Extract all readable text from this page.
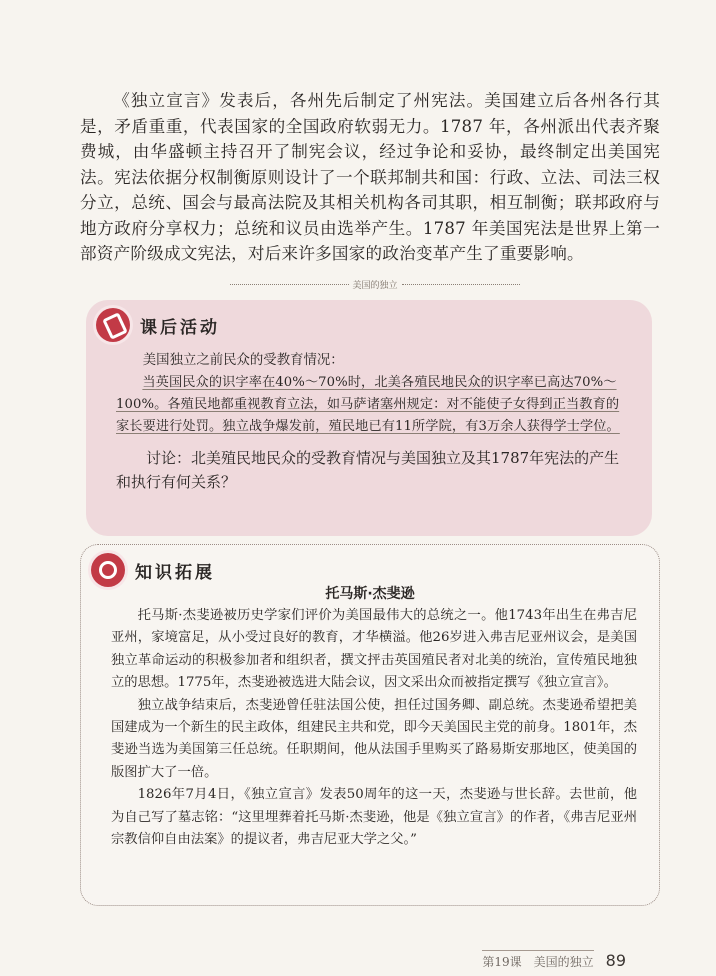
《独立宣言》发表后，各州先后制定了州宪法。美国建立后各州各行其是，矛盾重重，代表国家的全国政府软弱无力。1787 年，各州派出代表齐聚费城，由华盛顿主持召开了制宪会议，经过争论和妥协，最终制定出美国宪法。宪法依据分权制衡原则设计了一个联邦制共和国：行政、立法、司法三权分立，总统、国会与最高法院及其相关机构各司其职，相互制衡；联邦政府与地方政府分享权力；总统和议员由选举产生。1787 年美国宪法是世界上第一部资产阶级成文宪法，对后来许多国家的政治变革产生了重要影响。

美国的独立
课后活动

美国独立之前民众的受教育情况：

当英国民众的识字率在40%～70%时，北美各殖民地民众的识字率已高达70%～100%。各殖民地都重视教育立法，如马萨诸塞州规定：对不能使子女得到正当教育的家长要进行处罚。独立战争爆发前，殖民地已有11所学院，有3万余人获得学士学位。

讨论：北美殖民地民众的受教育情况与美国独立及其1787年宪法的产生和执行有何关系？

知识拓展
托马斯·杰斐逊

托马斯·杰斐逊被历史学家们评价为美国最伟大的总统之一。他1743年出生在弗吉尼亚州，家境富足，从小受过良好的教育，才华横溢。他26岁进入弗吉尼亚州议会，是美国独立革命运动的积极参加者和组织者，撰文抨击英国殖民者对北美的统治，宣传殖民地独立的思想。1775年，杰斐逊被选进大陆会议，因文采出众而被指定撰写《独立宣言》。

独立战争结束后，杰斐逊曾任驻法国公使，担任过国务卿、副总统。杰斐逊希望把美国建成为一个新生的民主政体，组建民主共和党，即今天美国民主党的前身。1801年，杰斐逊当选为美国第三任总统。任职期间，他从法国手里购买了路易斯安那地区，使美国的版图扩大了一倍。

1826年7月4日，《独立宣言》发表50周年的这一天，杰斐逊与世长辞。去世前，他为自己写了墓志铭：“这里埋葬着托马斯·杰斐逊，他是《独立宣言》的作者，《弗吉尼亚州宗教信仰自由法案》的提议者，弗吉尼亚大学之父。”

第19课　美国的独立 89
